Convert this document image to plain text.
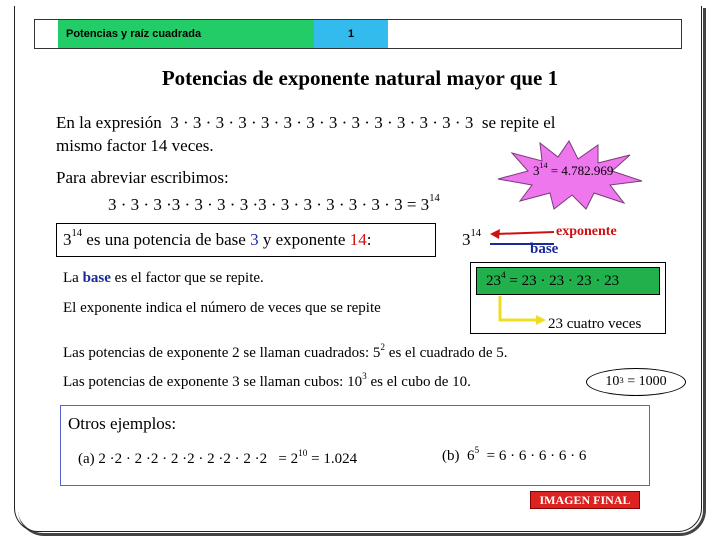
Potencias y raíz cuadrada	1
Potencias de exponente natural mayor que 1
En la expresión 3 · 3 · 3 · 3 · 3 · 3 · 3 · 3 · 3 · 3 · 3 · 3 · 3 · 3 se repite el
mismo factor 14 veces.
$3^{14} = 4.782.969$
Para abreviar escribimos:
$3 \cdot 3 \cdot 3 \cdot 3 \cdot 3 \cdot 3 \cdot 3 \cdot 3 \cdot 3 \cdot 3 \cdot 3 \cdot 3 \cdot 3 \cdot 3 = 3^{14}$
$3^{14}$ es una potencia de base 3 y exponente 14:	$3^{14}$	exponente
base
La base es el factor que se repite.
El exponente indica el número de veces que se repite
$23^4 = 23 \cdot 23 \cdot 23 \cdot 23$
23 cuatro veces
Las potencias de exponente 2 se llaman cuadrados: $5^2$ es el cuadrado de 5.
Las potencias de exponente 3 se llaman cubos: $10^3$ es el cubo de 10.	$10^3 = 1000$
Otros ejemplos:
(a) $2 \cdot 2 \cdot 2 \cdot 2 \cdot 2 \cdot 2 \cdot 2 \cdot 2 \cdot 2 \cdot 2 = 2^{10} = 1.024$	(b)  $6^5 = 6 \cdot 6 \cdot 6 \cdot 6 \cdot 6$
IMAGEN FINAL
